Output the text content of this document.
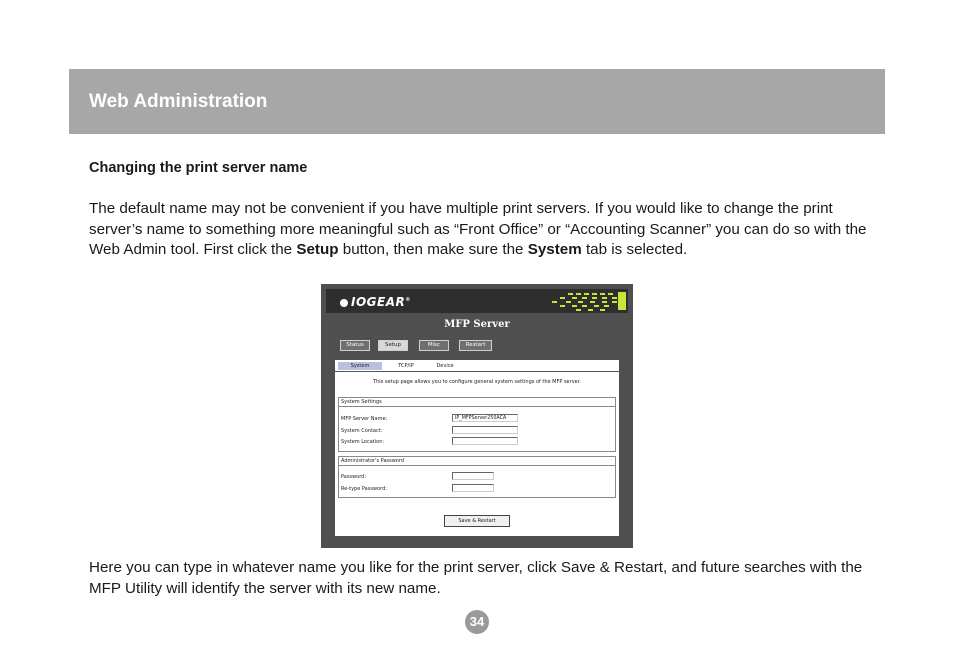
Web Administration
Changing the print server name
The default name may not be convenient if you have multiple print servers. If you would like to change the print server’s name to something more meaningful such as “Front Office” or “Accounting Scanner” you can do so with the Web Admin tool. First click the Setup button, then make sure the System tab is selected.
IOGEAR®
MFP Server
Status	Setup	Misc	Restart
System	TCP/IP	Device
This setup page allows you to configure general system settings of the MFP server.
System Settings
MFP Server Name:	IP_MFPServer250ACA
System Contact:
System Location:
Administrator's Password
Password:
Re-type Password:
Save & Restart
Here you can type in whatever name you like for the print server, click Save & Restart, and future searches with the MFP Utility will identify the server with its new name.
34
